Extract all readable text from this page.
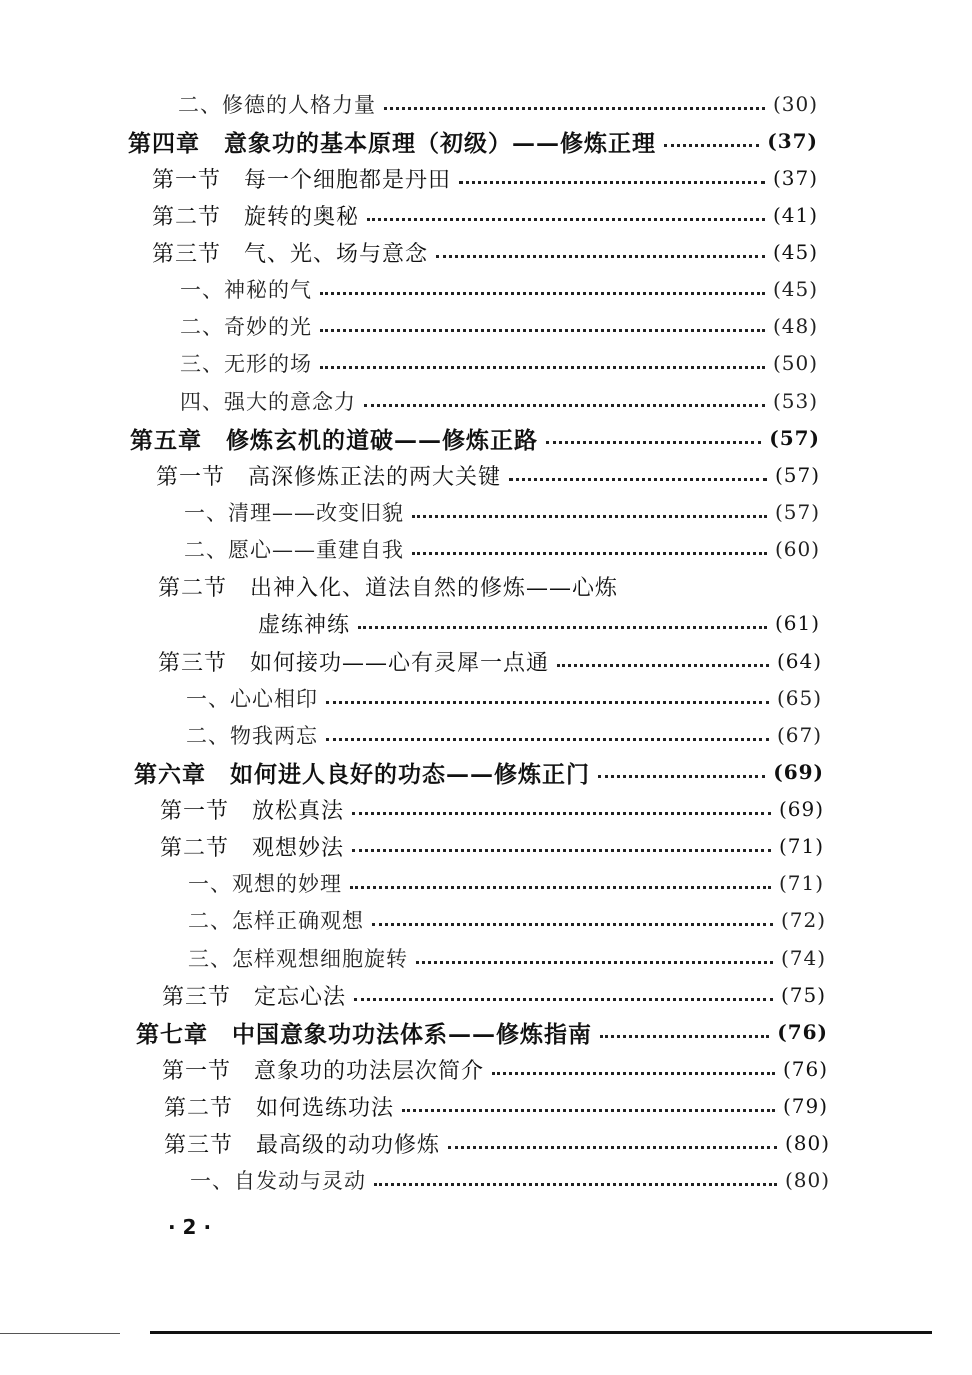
二、修德的人格力量	(30)
第四章　意象功的基本原理（初级）——修炼正理	(37)
第一节　每一个细胞都是丹田	(37)
第二节　旋转的奥秘	(41)
第三节　气、光、场与意念	(45)
一、神秘的气	(45)
二、奇妙的光	(48)
三、无形的场	(50)
四、强大的意念力	(53)
第五章　修炼玄机的道破——修炼正路	(57)
第一节　高深修炼正法的两大关键	(57)
一、清理——改变旧貌	(57)
二、愿心——重建自我	(60)
第二节　出神入化、道法自然的修炼——心炼
虚练神练	(61)
第三节　如何接功——心有灵犀一点通	(64)
一、心心相印	(65)
二、物我两忘	(67)
第六章　如何进人良好的功态——修炼正门	(69)
第一节　放松真法	(69)
第二节　观想妙法	(71)
一、观想的妙理	(71)
二、怎样正确观想	(72)
三、怎样观想细胞旋转	(74)
第三节　定忘心法	(75)
第七章　中国意象功功法体系——修炼指南	(76)
第一节　意象功的功法层次简介	(76)
第二节　如何选练功法	(79)
第三节　最高级的动功修炼	(80)
一、自发动与灵动	(80)
· 2 ·
